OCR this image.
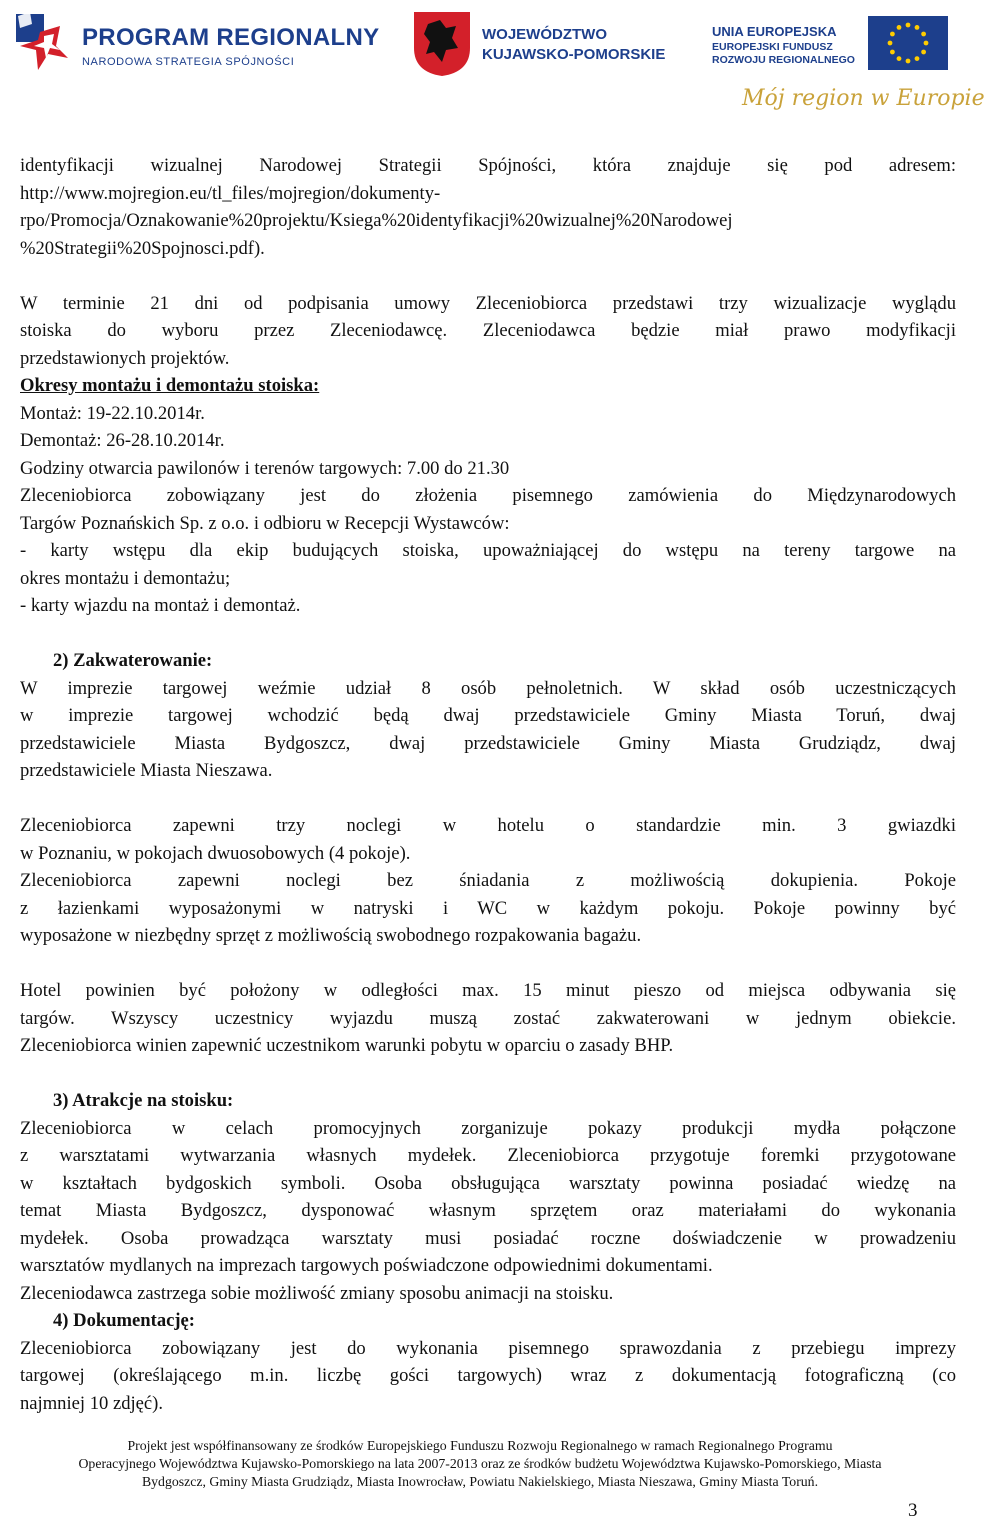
PROGRAM REGIONALNY
NARODOWA STRATEGIA SPÓJNOŚCI
WOJEWÓDZTWO
KUJAWSKO-POMORSKIE
UNIA EUROPEJSKA
EUROPEJSKI FUNDUSZ
ROZWOJU REGIONALNEGO
Mój region w Europie
identyfikacji wizualnej Narodowej Strategii Spójności, która znajduje się pod adresem:
http://www.mojregion.eu/tl_files/mojregion/dokumenty-
rpo/Promocja/Oznakowanie%20projektu/Ksiega%20identyfikacji%20wizualnej%20Narodowej
%20Strategii%20Spojnosci.pdf).
W terminie 21 dni od podpisania umowy Zleceniobiorca przedstawi trzy wizualizacje wyglądu
stoiska do wyboru przez Zleceniodawcę. Zleceniodawca będzie miał prawo modyfikacji
przedstawionych projektów.
Okresy montażu i demontażu stoiska:
Montaż: 19-22.10.2014r.
Demontaż: 26-28.10.2014r.
Godziny otwarcia pawilonów i terenów targowych: 7.00 do 21.30
Zleceniobiorca zobowiązany jest do złożenia pisemnego zamówienia do Międzynarodowych
Targów Poznańskich Sp. z o.o. i odbioru w Recepcji Wystawców:
- karty wstępu dla ekip budujących stoiska, upoważniającej do wstępu na tereny targowe na
okres montażu i demontażu;
- karty wjazdu na montaż i demontaż.
2) Zakwaterowanie:
W imprezie targowej weźmie udział 8 osób pełnoletnich. W skład osób uczestniczących
w imprezie targowej wchodzić będą dwaj przedstawiciele Gminy Miasta Toruń, dwaj
przedstawiciele Miasta Bydgoszcz, dwaj przedstawiciele Gminy Miasta Grudziądz, dwaj
przedstawiciele Miasta Nieszawa.
Zleceniobiorca zapewni trzy noclegi w hotelu o standardzie min. 3 gwiazdki
w Poznaniu, w pokojach dwuosobowych (4 pokoje).
Zleceniobiorca zapewni noclegi bez śniadania z możliwością dokupienia. Pokoje
z łazienkami wyposażonymi w natryski i WC w każdym pokoju. Pokoje powinny być
wyposażone w niezbędny sprzęt z możliwością swobodnego rozpakowania bagażu.
Hotel powinien być położony w odległości max. 15 minut pieszo od miejsca odbywania się
targów. Wszyscy uczestnicy wyjazdu muszą zostać zakwaterowani w jednym obiekcie.
Zleceniobiorca winien zapewnić uczestnikom warunki pobytu w oparciu o zasady BHP.
3) Atrakcje na stoisku:
Zleceniobiorca w celach promocyjnych zorganizuje pokazy produkcji mydła połączone
z warsztatami wytwarzania własnych mydełek. Zleceniobiorca przygotuje foremki przygotowane
w kształtach bydgoskich symboli. Osoba obsługująca warsztaty powinna posiadać wiedzę na
temat Miasta Bydgoszcz, dysponować własnym sprzętem oraz materiałami do wykonania
mydełek. Osoba prowadząca warsztaty musi posiadać roczne doświadczenie w prowadzeniu
warsztatów mydlanych na imprezach targowych poświadczone odpowiednimi dokumentami.
Zleceniodawca zastrzega sobie możliwość zmiany sposobu animacji na stoisku.
4) Dokumentację:
Zleceniobiorca zobowiązany jest do wykonania pisemnego sprawozdania z przebiegu imprezy
targowej (określającego m.in. liczbę gości targowych) wraz z dokumentacją fotograficzną (co
najmniej 10 zdjęć).
Projekt jest współfinansowany ze środków Europejskiego Funduszu Rozwoju Regionalnego w ramach Regionalnego Programu
Operacyjnego Województwa Kujawsko-Pomorskiego na lata 2007-2013 oraz ze środków budżetu Województwa Kujawsko-Pomorskiego, Miasta
Bydgoszcz, Gminy Miasta Grudziądz, Miasta Inowrocław, Powiatu Nakielskiego, Miasta Nieszawa, Gminy Miasta Toruń.
3
